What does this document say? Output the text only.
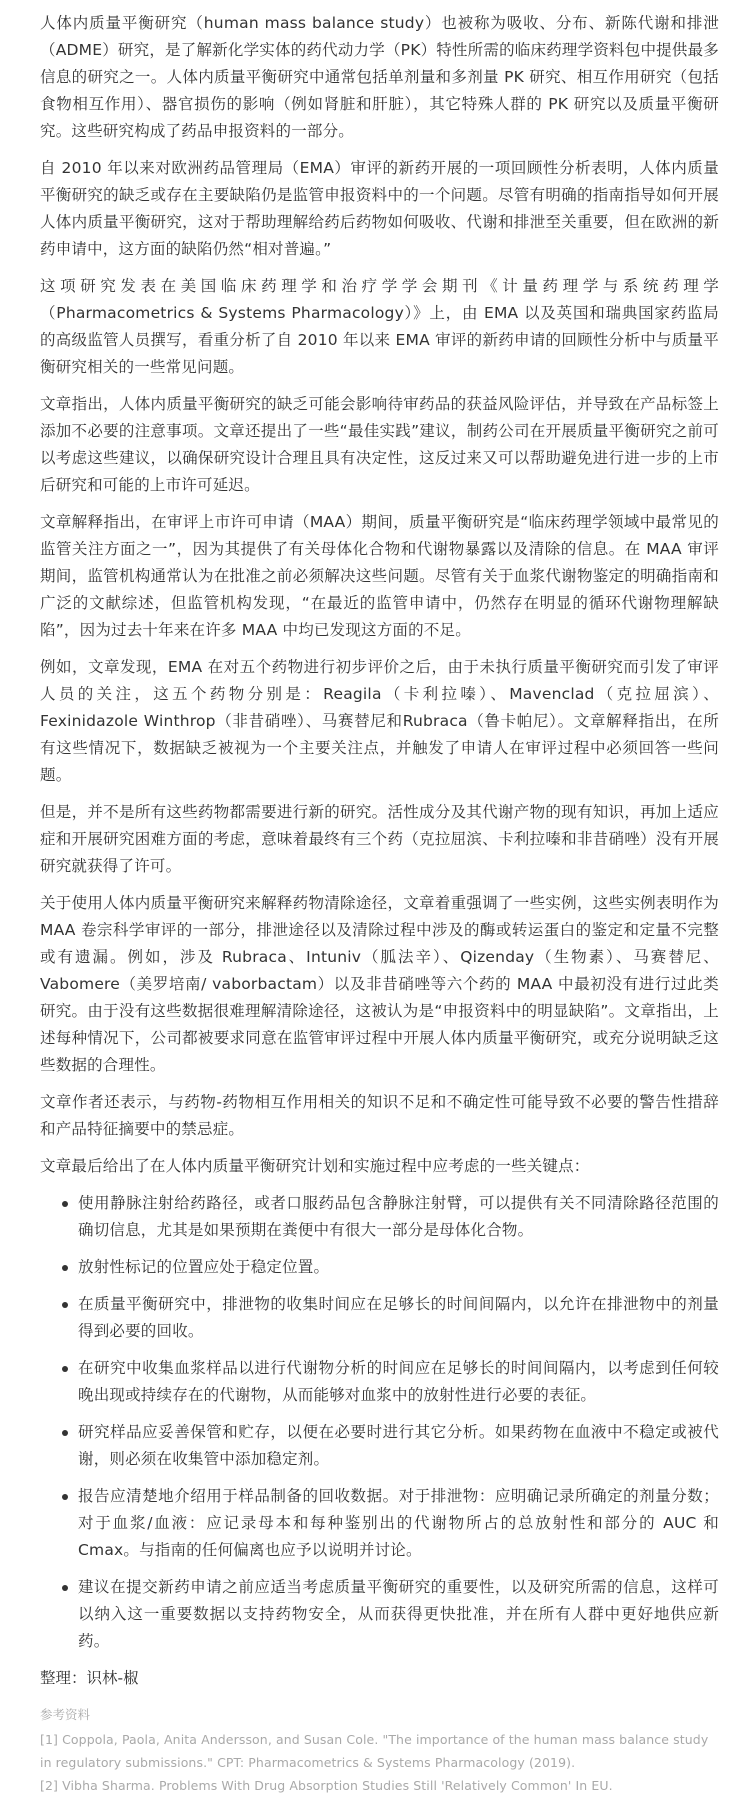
人体内质量平衡研究（human mass balance study）也被称为吸收、分布、新陈代谢和排泄（ADME）研究，是了解新化学实体的药代动力学（PK）特性所需的临床药理学资料包中提供最多信息的研究之一。人体内质量平衡研究中通常包括单剂量和多剂量 PK 研究、相互作用研究（包括食物相互作用）、器官损伤的影响（例如肾脏和肝脏），其它特殊人群的 PK 研究以及质量平衡研究。这些研究构成了药品申报资料的一部分。

自 2010 年以来对欧洲药品管理局（EMA）审评的新药开展的一项回顾性分析表明，人体内质量平衡研究的缺乏或存在主要缺陷仍是监管申报资料中的一个问题。尽管有明确的指南指导如何开展人体内质量平衡研究，这对于帮助理解给药后药物如何吸收、代谢和排泄至关重要，但在欧洲的新药申请中，这方面的缺陷仍然“相对普遍。”

这项研究发表在美国临床药理学和治疗学学会期刊《计量药理学与系统药理学（Pharmacometrics & Systems Pharmacology）》上，由 EMA 以及英国和瑞典国家药监局的高级监管人员撰写，看重分析了自 2010 年以来 EMA 审评的新药申请的回顾性分析中与质量平衡研究相关的一些常见问题。

文章指出，人体内质量平衡研究的缺乏可能会影响待审药品的获益风险评估，并导致在产品标签上添加不必要的注意事项。文章还提出了一些“最佳实践”建议，制药公司在开展质量平衡研究之前可以考虑这些建议，以确保研究设计合理且具有决定性，这反过来又可以帮助避免进行进一步的上市后研究和可能的上市许可延迟。

文章解释指出，在审评上市许可申请（MAA）期间，质量平衡研究是“临床药理学领域中最常见的监管关注方面之一”，因为其提供了有关母体化合物和代谢物暴露以及清除的信息。在 MAA 审评期间，监管机构通常认为在批准之前必须解决这些问题。尽管有关于血浆代谢物鉴定的明确指南和广泛的文献综述，但监管机构发现，“在最近的监管申请中，仍然存在明显的循环代谢物理解缺陷”，因为过去十年来在许多 MAA 中均已发现这方面的不足。

例如，文章发现，EMA 在对五个药物进行初步评价之后，由于未执行质量平衡研究而引发了审评人员的关注，这五个药物分别是：Reagila（卡利拉嗪）、Mavenclad（克拉屈滨）、Fexinidazole Winthrop（非昔硝唑）、马赛替尼和Rubraca（鲁卡帕尼）。文章解释指出，在所有这些情况下，数据缺乏被视为一个主要关注点，并触发了申请人在审评过程中必须回答一些问题。

但是，并不是所有这些药物都需要进行新的研究。活性成分及其代谢产物的现有知识，再加上适应症和开展研究困难方面的考虑，意味着最终有三个药（克拉屈滨、卡利拉嗪和非昔硝唑）没有开展研究就获得了许可。

关于使用人体内质量平衡研究来解释药物清除途径，文章着重强调了一些实例，这些实例表明作为 MAA 卷宗科学审评的一部分，排泄途径以及清除过程中涉及的酶或转运蛋白的鉴定和定量不完整或有遗漏。例如，涉及 Rubraca、Intuniv（胍法辛）、Qizenday（生物素）、马赛替尼、Vabomere（美罗培南/ vaborbactam）以及非昔硝唑等六个药的 MAA 中最初没有进行过此类研究。由于没有这些数据很难理解清除途径，这被认为是“申报资料中的明显缺陷”。文章指出，上述每种情况下，公司都被要求同意在监管审评过程中开展人体内质量平衡研究，或充分说明缺乏这些数据的合理性。

文章作者还表示，与药物-药物相互作用相关的知识不足和不确定性可能导致不必要的警告性措辞和产品特征摘要中的禁忌症。

文章最后给出了在人体内质量平衡研究计划和实施过程中应考虑的一些关键点：

使用静脉注射给药路径，或者口服药品包含静脉注射臂，可以提供有关不同清除路径范围的确切信息，尤其是如果预期在粪便中有很大一部分是母体化合物。
放射性标记的位置应处于稳定位置。
在质量平衡研究中，排泄物的收集时间应在足够长的时间间隔内，以允许在排泄物中的剂量得到必要的回收。
在研究中收集血浆样品以进行代谢物分析的时间应在足够长的时间间隔内，以考虑到任何较晚出现或持续存在的代谢物，从而能够对血浆中的放射性进行必要的表征。
研究样品应妥善保管和贮存，以便在必要时进行其它分析。如果药物在血液中不稳定或被代谢，则必须在收集管中添加稳定剂。
报告应清楚地介绍用于样品制备的回收数据。对于排泄物：应明确记录所确定的剂量分数；对于血浆/血液：应记录母本和每种鉴别出的代谢物所占的总放射性和部分的 AUC 和 Cmax。与指南的任何偏离也应予以说明并讨论。
建议在提交新药申请之前应适当考虑质量平衡研究的重要性，以及研究所需的信息，这样可以纳入这一重要数据以支持药物安全，从而获得更快批准，并在所有人群中更好地供应新药。

整理：识林-椒

参考资料

[1] Coppola, Paola, Anita Andersson, and Susan Cole. "The importance of the human mass balance study in regulatory submissions." CPT: Pharmacometrics & Systems Pharmacology (2019).

[2] Vibha Sharma. Problems With Drug Absorption Studies Still 'Relatively Common' In EU.
